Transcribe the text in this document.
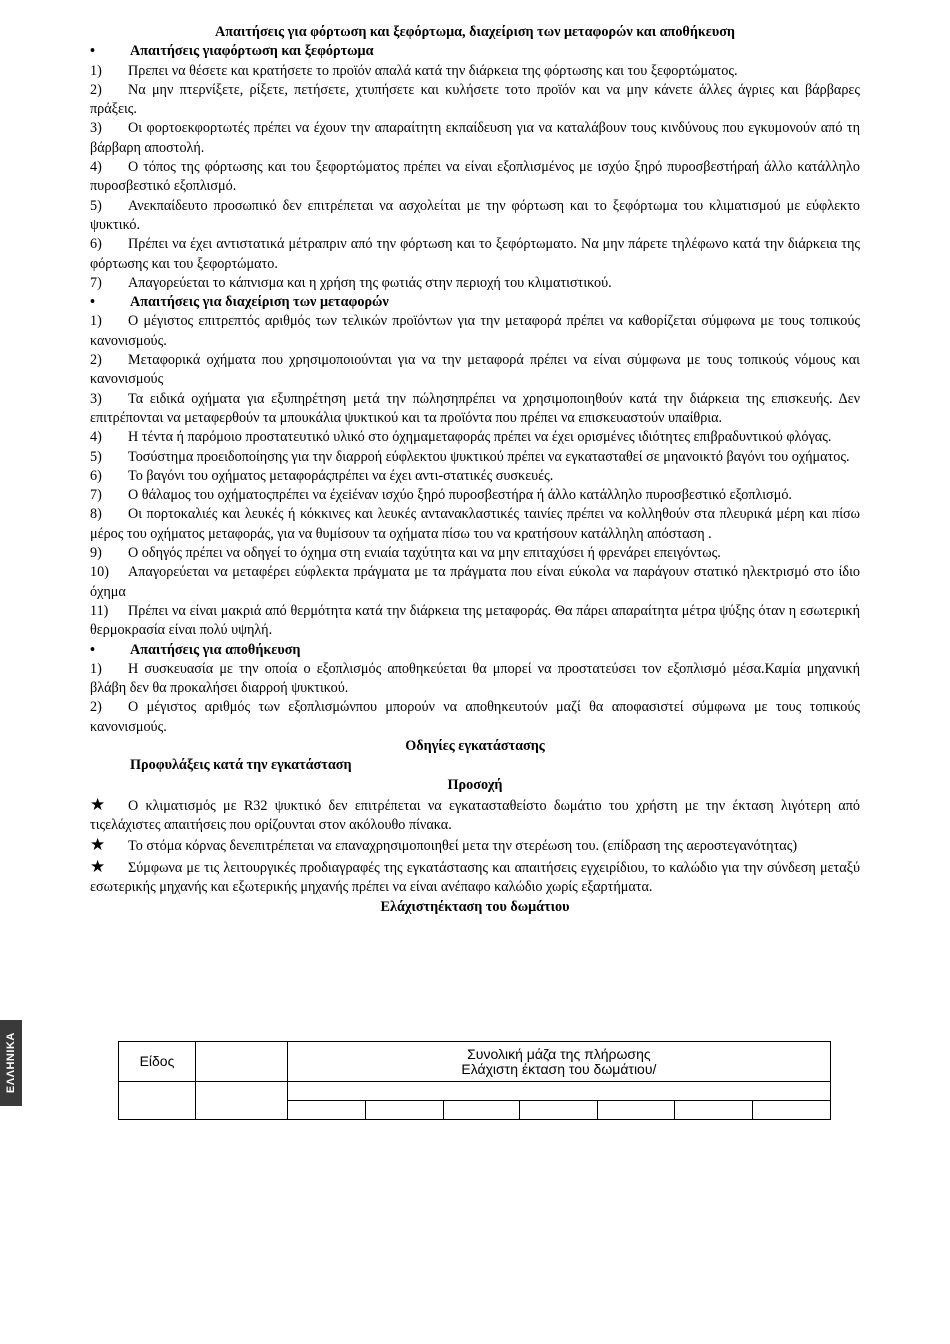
Απαιτήσεις για φόρτωση και ξεφόρτωμα, διαχείριση των μεταφορών και αποθήκευση
• Απαιτήσεις γιαφόρτωση και ξεφόρτωμα
1) Πρεπει να θέσετε και κρατήσετε το προϊόν απαλά κατά την διάρκεια της φόρτωσης και του ξεφορτώματος.
2) Να μην πτερνίξετε, ρίξετε, πετήσετε, χτυπήσετε και κυλήσετε τοτο προϊόν και να μην κάνετε άλλες άγριες και βάρβαρες πράξεις.
3) Οι φορτοεκφορτωτές πρέπει να έχουν την απαραίτητη εκπαίδευση για να καταλάβουν τους κινδύνους που εγκυμονούν από τη βάρβαρη αποστολή.
4) Ο τόπος της φόρτωσης και του ξεφορτώματος πρέπει να είναι εξοπλισμένος με ισχύο ξηρό πυροσβεστήραή άλλο κατάλληλο πυροσβεστικό εξοπλισμό.
5) Ανεκπαίδευτο προσωπικό δεν επιτρέπεται να ασχολείται με την φόρτωση και το ξεφόρτωμα του κλιματισμού με εύφλεκτο ψυκτικό.
6) Πρέπει να έχει αντιστατικά μέτραπριν από την φόρτωση και το ξεφόρτωματο. Να μην πάρετε τηλέφωνο κατά την διάρκεια της φόρτωσης και του ξεφορτώματο.
7) Απαγορεύεται το κάπνισμα και η χρήση της φωτιάς στην περιοχή του κλιματιστικού.
• Απαιτήσεις για διαχείριση των μεταφορών
1) Ο μέγιστος επιτρεπτός αριθμός των τελικών προϊόντων για την μεταφορά πρέπει να καθορίζεται σύμφωνα με τους τοπικούς κανονισμούς.
2) Μεταφορικά οχήματα που χρησιμοποιούνται για να την μεταφορά πρέπει να είναι σύμφωνα με τους τοπικούς νόμους και κανονισμούς
3) Τα ειδικά οχήματα για εξυπηρέτηση μετά την πώλησηπρέπει να χρησιμοποιηθούν κατά την διάρκεια της επισκευής. Δεν επιτρέπονται να μεταφερθούν τα μπουκάλια ψυκτικού και τα προϊόντα που πρέπει να επισκευαστούν υπαίθρια.
4) Η τέντα ή παρόμοιο προστατευτικό υλικό στο όχημαμεταφοράς πρέπει να έχει ορισμένες ιδιότητες επιβραδυντικού φλόγας.
5) Τοσύστημα προειδοποίησης για την διαρροή εύφλεκτου ψυκτικού πρέπει να εγκατασταθεί σε μηανοικτό βαγόνι του οχήματος.
6) Το βαγόνι του οχήματος μεταφοράςπρέπει να έχει αντι-στατικές συσκευές.
7) Ο θάλαμος του οχήματοςπρέπει να έχεiέναν ισχύο ξηρό πυροσβεστήρα ή άλλο κατάλληλο πυροσβεστικό εξοπλισμό.
8) Οι πορτοκαλιές και λευκές ή κόκκινες και λευκές αντανακλαστικές ταινίες πρέπει να κολληθούν στα πλευρικά μέρη και πίσω μέρος του οχήματος μεταφοράς, για να θυμίσουν τα οχήματα πίσω του να κρατήσουν κατάλληλη απόσταση .
9) Ο οδηγός πρέπει να οδηγεί το όχημα στη ενιαία ταχύτητα και να μην επιταχύσει ή φρενάρει επειγόντως.
10) Απαγορεύεται να μεταφέρει εύφλεκτα πράγματα με τα πράγματα που είναι εύκολα να παράγουν στατικό ηλεκτρισμό στο ίδιο όχημα
11) Πρέπει να είναι μακριά από θερμότητα κατά την διάρκεια της μεταφοράς. Θα πάρει απαραίτητα μέτρα ψύξης όταν η εσωτερική θερμοκρασία είναι πολύ υψηλή.
• Απαιτήσεις για αποθήκευση
1) Η συσκευασία με την οποία ο εξοπλισμός αποθηκεύεται θα μπορεί να προστατεύσει τον εξοπλισμό μέσα.Καμία μηχανική βλάβη δεν θα προκαλήσει διαρροή ψυκτικού.
2) Ο μέγιστος αριθμός των εξοπλισμώνπου μπορούν να αποθηκευτούν μαζί θα αποφασιστεί σύμφωνα με τους τοπικούς κανονισμούς.
Οδηγίες εγκατάστασης
Προφυλάξεις κατά την εγκατάσταση
Προσοχή
★ Ο κλιματισμός με R32 ψυκτικό δεν επιτρέπεται να εγκατασταθείστο δωμάτιο του χρήστη με την έκταση λιγότερη από τιςελάχιστες απαιτήσεις που ορίζουνται στον ακόλουθο πίνακα.
★ Το στόμα κόρνας δενεπιτρέπεται να επαναχρησιμοποιηθεί μετα την στερέωση του. (επίδραση της αεροστεγανότητας)
★ Σύμφωνα με τις λειτουργικές προδιαγραφές της εγκατάστασης και απαιτήσεις εγχειρίδιου, το καλώδιο για την σύνδεση μεταξύ εσωτερικής μηχανής και εξωτερικής μηχανής πρέπει να είναι ανέπαφο καλώδιο χωρίς εξαρτήματα.
Ελάχιστηέκταση του δωμάτιου
Είδος		Συνολική μάζα της πλήρωσης
Ελάχιστη έκταση του δωμάτιου/						

ΕΛΛΗΝΙΚΑ
